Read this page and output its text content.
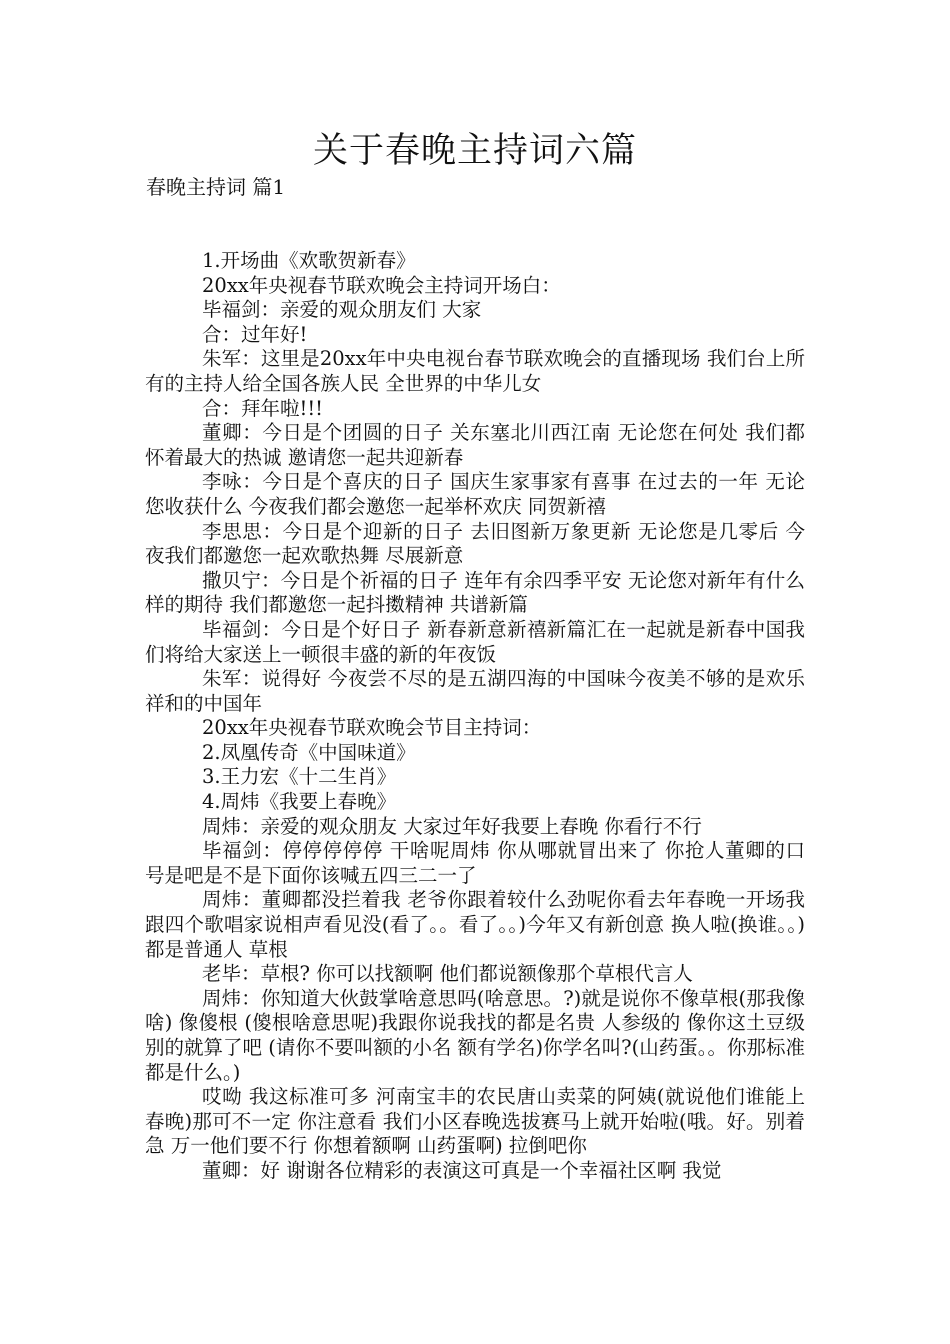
关于春晚主持词六篇
春晚主持词 篇1

1.开场曲《欢歌贺新春》

20xx年央视春节联欢晚会主持词开场白：

毕福剑：亲爱的观众朋友们 大家

合：过年好!

朱军：这里是20xx年中央电视台春节联欢晚会的直播现场 我们台上所有的主持人给全国各族人民 全世界的中华儿女

合：拜年啦!!!

董卿：今日是个团圆的日子 关东塞北川西江南 无论您在何处 我们都怀着最大的热诚 邀请您一起共迎新春

李咏：今日是个喜庆的日子 国庆生家事家有喜事 在过去的一年 无论您收获什么 今夜我们都会邀您一起举杯欢庆 同贺新禧

李思思：今日是个迎新的日子 去旧图新万象更新 无论您是几零后 今夜我们都邀您一起欢歌热舞 尽展新意

撒贝宁：今日是个祈福的日子 连年有余四季平安 无论您对新年有什么样的期待 我们都邀您一起抖擞精神 共谱新篇

毕福剑：今日是个好日子 新春新意新禧新篇汇在一起就是新春中国我们将给大家送上一顿很丰盛的新的年夜饭

朱军：说得好 今夜尝不尽的是五湖四海的中国味今夜美不够的是欢乐祥和的中国年

20xx年央视春节联欢晚会节目主持词：

2.凤凰传奇《中国味道》

3.王力宏《十二生肖》

4.周炜《我要上春晚》

周炜：亲爱的观众朋友 大家过年好我要上春晚 你看行不行

毕福剑：停停停停停 干啥呢周炜 你从哪就冒出来了 你抢人董卿的口号是吧是不是下面你该喊五四三二一了

周炜：董卿都没拦着我 老爷你跟着较什么劲呢你看去年春晚一开场我跟四个歌唱家说相声看见没(看了。。看了。。)今年又有新创意 换人啦(换谁。。)都是普通人 草根

老毕：草根? 你可以找额啊 他们都说额像那个草根代言人

周炜：你知道大伙鼓掌啥意思吗(啥意思。?)就是说你不像草根(那我像啥) 像傻根 (傻根啥意思呢)我跟你说我找的都是名贵 人参级的 像你这土豆级别的就算了吧 (请你不要叫额的小名 额有学名)你学名叫?(山药蛋。。你那标准都是什么。)

哎呦 我这标准可多 河南宝丰的农民唐山卖菜的阿姨(就说他们谁能上春晚)那可不一定 你注意看 我们小区春晚选拔赛马上就开始啦(哦。好。别着急 万一他们要不行 你想着额啊 山药蛋啊) 拉倒吧你

董卿：好 谢谢各位精彩的表演这可真是一个幸福社区啊 我觉
